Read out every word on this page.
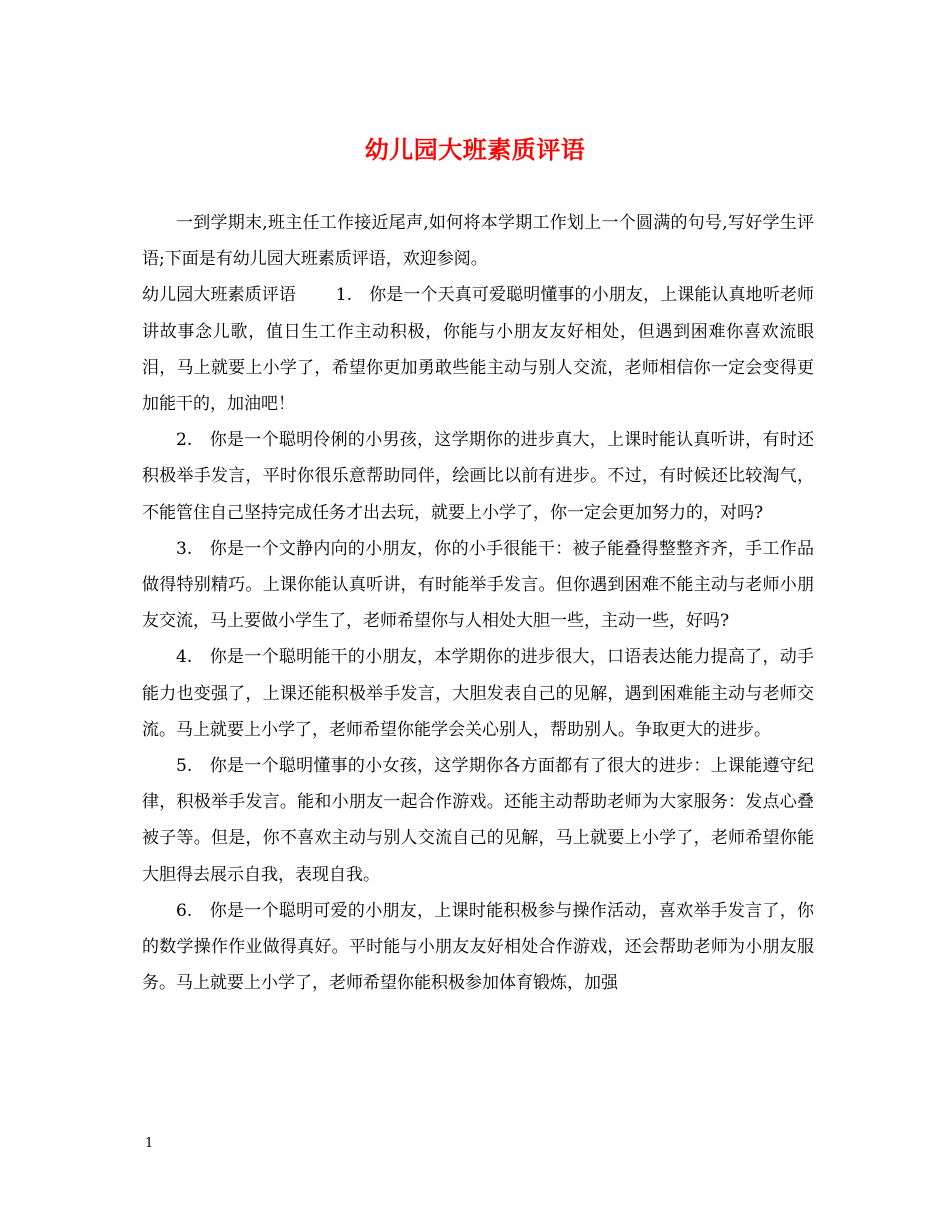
幼儿园大班素质评语

一到学期末,班主任工作接近尾声,如何将本学期工作划上一个圆满的句号,写好学生评语;下面是有幼儿园大班素质评语，欢迎参阅。

幼儿园大班素质评语　　 1.　你是一个天真可爱聪明懂事的小朋友，上课能认真地听老师讲故事念儿歌，值日生工作主动积极，你能与小朋友友好相处，但遇到困难你喜欢流眼泪，马上就要上小学了，希望你更加勇敢些能主动与别人交流，老师相信你一定会变得更加能干的，加油吧！

2.　你是一个聪明伶俐的小男孩，这学期你的进步真大，上课时能认真听讲，有时还积极举手发言，平时你很乐意帮助同伴，绘画比以前有进步。不过，有时候还比较淘气，不能管住自己坚持完成任务才出去玩，就要上小学了，你一定会更加努力的，对吗?

3.　你是一个文静内向的小朋友，你的小手很能干：被子能叠得整整齐齐，手工作品做得特别精巧。上课你能认真听讲，有时能举手发言。但你遇到困难不能主动与老师小朋友交流，马上要做小学生了，老师希望你与人相处大胆一些，主动一些，好吗?

4.　你是一个聪明能干的小朋友，本学期你的进步很大，口语表达能力提高了，动手能力也变强了，上课还能积极举手发言，大胆发表自己的见解，遇到困难能主动与老师交流。马上就要上小学了，老师希望你能学会关心别人，帮助别人。争取更大的进步。

5.　你是一个聪明懂事的小女孩，这学期你各方面都有了很大的进步：上课能遵守纪律，积极举手发言。能和小朋友一起合作游戏。还能主动帮助老师为大家服务：发点心叠被子等。但是，你不喜欢主动与别人交流自己的见解，马上就要上小学了，老师希望你能大胆得去展示自我，表现自我。

6.　你是一个聪明可爱的小朋友，上课时能积极参与操作活动，喜欢举手发言了，你的数学操作作业做得真好。平时能与小朋友友好相处合作游戏，还会帮助老师为小朋友服务。马上就要上小学了，老师希望你能积极参加体育锻炼，加强

1
